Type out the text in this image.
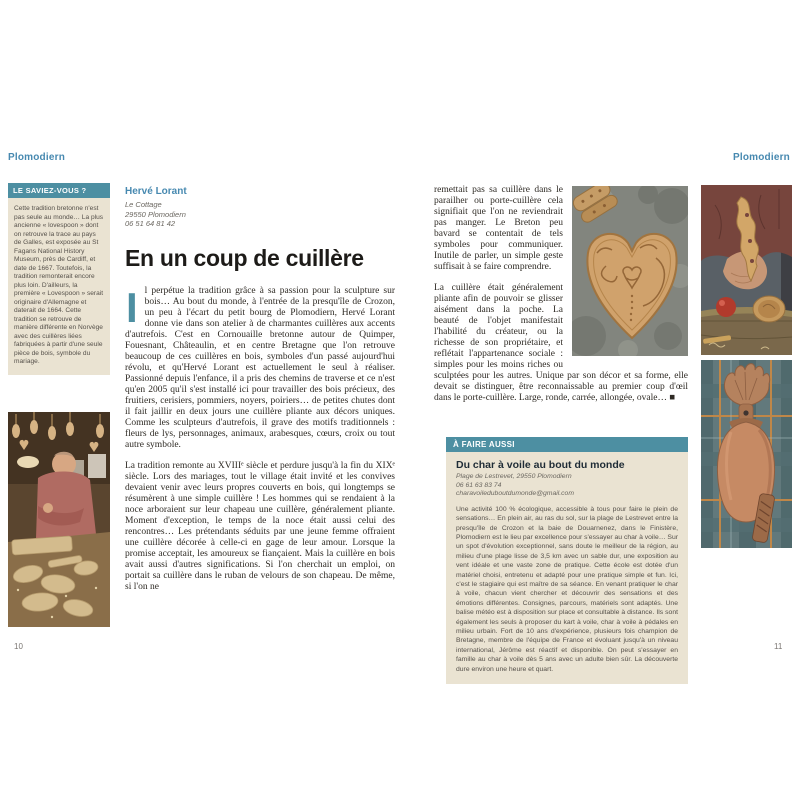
Plomodiern
LE SAVIEZ-VOUS ?
Cette tradition bretonne n'est pas seule au monde… La plus ancienne « lovespoon » dont on retrouve la trace au pays de Galles, est exposée au St Fagans National History Museum, près de Cardiff, et date de 1667. Toutefois, la tradition remonterait encore plus loin. D'ailleurs, la première « Lovespoon » serait originaire d'Allemagne et daterait de 1664. Cette tradition se retrouve de manière différente en Norvège avec des cuillères liées fabriquées à partir d'une seule pièce de bois, symbole du mariage.
Hervé Lorant
Le Cottage
29550 Plomodiern
06 51 64 81 42
En un coup de cuillère

Il perpétue la tradition grâce à sa passion pour la sculpture sur bois… Au bout du monde, à l'entrée de la presqu'île de Crozon, un peu à l'écart du petit bourg de Plomodiern, Hervé Lorant donne vie dans son atelier à de charmantes cuillères aux accents d'autrefois. C'est en Cornouaille bretonne autour de Quimper, Fouesnant, Châteaulin, et en centre Bretagne que l'on retrouve beaucoup de ces cuillères en bois, symboles d'un passé aujourd'hui révolu, et qu'Hervé Lorant est actuellement le seul à réaliser. Passionné depuis l'enfance, il a pris des chemins de traverse et ce n'est qu'en 2005 qu'il s'est installé ici pour travailler des bois précieux, des fruitiers, cerisiers, pommiers, noyers, poiriers… de petites chutes dont il fait jaillir en deux jours une cuillère pliante aux décors uniques. Comme les sculpteurs d'autrefois, il grave des motifs traditionnels : fleurs de lys, personnages, animaux, arabesques, cœurs, croix ou tout autre symbole.

La tradition remonte au XVIIIᵉ siècle et perdure jusqu'à la fin du XIXᵉ siècle. Lors des mariages, tout le village était invité et les convives devaient venir avec leurs propres couverts en bois, qui longtemps se résumèrent à une simple cuillère ! Les hommes qui se rendaient à la noce arboraient sur leur chapeau une cuillère, généralement pliante. Moment d'exception, le temps de la noce était aussi celui des rencontres… Les prétendants séduits par une jeune femme offraient une cuillère décorée à celle-ci en gage de leur amour. Lorsque la promise acceptait, les amoureux se fiançaient. Mais la cuillère en bois avait aussi d'autres significations. Si l'on cherchait un emploi, on portait sa cuillère dans le ruban de velours de son chapeau. De même, si l'on ne

10
Plomodiern

remettait pas sa cuillère dans le parailher ou porte-cuillère cela signifiait que l'on ne reviendrait pas manger. Le Breton peu bavard se contentait de tels symboles pour communiquer. Inutile de parler, un simple geste suffisait à se faire comprendre.

La cuillère était généralement pliante afin de pouvoir se glisser aisément dans la poche. La beauté de l'objet manifestait l'habilité du créateur, ou la richesse de son propriétaire, et reflétait l'appartenance sociale : simples pour les moins riches ou sculptées pour les autres. Unique par son décor et sa forme, elle devait se distinguer, être reconnaissable au premier coup d'œil dans le porte-cuillère. Large, ronde, carrée, allongée, ovale… ■

À FAIRE AUSSI
Du char à voile au bout du monde
Plage de Lestrevet, 29550 Plomodiern
06 61 63 83 74
charavoileduboutdumonde@gmail.com
Une activité 100 % écologique, accessible à tous pour faire le plein de sensations… En plein air, au ras du sol, sur la plage de Lestrevet entre la presqu'île de Crozon et la baie de Douarnenez, dans le Finistère, Plomodiern est le lieu par excellence pour s'essayer au char à voile… Sur un spot d'évolution exceptionnel, sans doute le meilleur de la région, au milieu d'une plage lisse de 3,5 km avec un sable dur, une exposition au vent idéale et une vaste zone de pratique. Cette école est dotée d'un matériel choisi, entretenu et adapté pour une pratique simple et fun. Ici, c'est le stagiaire qui est maître de sa séance. En venant pratiquer le char à voile, chacun vient chercher et découvrir des sensations et des émotions différentes. Consignes, parcours, matériels sont adaptés. Une balise météo est à disposition sur place et consultable à distance. Ils sont également les seuls à proposer du kart à voile, char à voile à pédales en milieu urbain. Fort de 10 ans d'expérience, plusieurs fois champion de Bretagne, membre de l'équipe de France et évoluant jusqu'à un niveau international, Jérôme est réactif et disponible. On peut s'essayer en famille au char à voile dès 5 ans avec un adulte bien sûr. La découverte dure environ une heure et quart.
11
